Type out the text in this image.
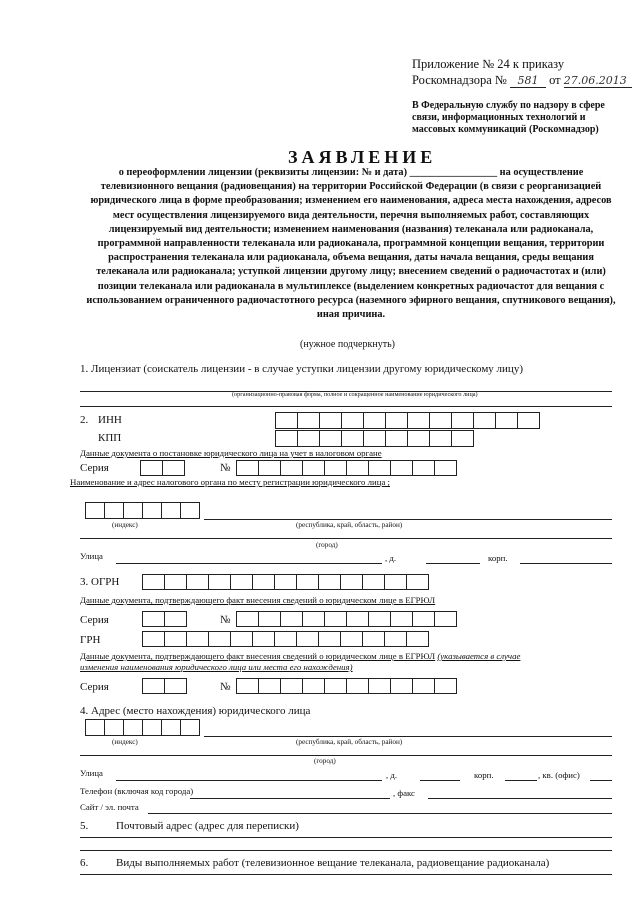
Приложение № 24 к приказу
Роскомнадзора № 581 от 27.06.2013
В Федеральную службу по надзору в сфере связи, информационных технологий и массовых коммуникаций (Роскомнадзор)
ЗАЯВЛЕНИЕ
о переоформлении лицензии (реквизиты лицензии: № и дата) _________________ на осуществление телевизионного вещания (радиовещания) на территории Российской Федерации (в связи с реорганизацией юридического лица в форме преобразования; изменением его наименования, адреса места нахождения, адресов мест осуществления лицензируемого вида деятельности, перечня выполняемых работ, составляющих лицензируемый вид деятельности; изменением наименования (названия) телеканала или радиоканала, программной направленности телеканала или радиоканала, программной концепции вещания, территории распространения телеканала или радиоканала, объема вещания, даты начала вещания, среды вещания телеканала или радиоканала; уступкой лицензии другому лицу; внесением сведений о радиочастотах и (или) позиции телеканала или радиоканала в мультиплексе (выделением конкретных радиочастот для вещания с использованием ограниченного радиочастотного ресурса (наземного эфирного вещания, спутникового вещания), иная причина.
(нужное подчеркнуть)
1. Лицензиат (соискатель лицензии - в случае уступки лицензии другому юридическому лицу)
(организационно-правовая форма, полное и сокращенное наименование юридического лица)
2. ИНН
КПП
Данные документа о постановке юридического лица на учет в налоговом органе
Серия	№
Наименование и адрес налогового органа по месту регистрации юридического лица ;
(индекс)	(республика, край, область, район)
(город)
Улица	, д.	корп.
3. ОГРН
Данные документа, подтверждающего факт внесения сведений о юридическом лице в ЕГРЮЛ
Серия	№
ГРН
Данные документа, подтверждающего факт внесения сведений о юридическом лице в ЕГРЮЛ (указывается в случае
изменения наименования юридического лица или места его нахождения)
Серия	№
4. Адрес (место нахождения) юридического лица
(индекс)	(республика, край, область, район)
(город)
Улица	, д.	корп.	, кв. (офис)
Телефон (включая код города)	, факс
Сайт / эл. почта
5.	Почтовый адрес (адрес для переписки)
6.	Виды выполняемых работ (телевизионное вещание телеканала, радиовещание радиоканала)
